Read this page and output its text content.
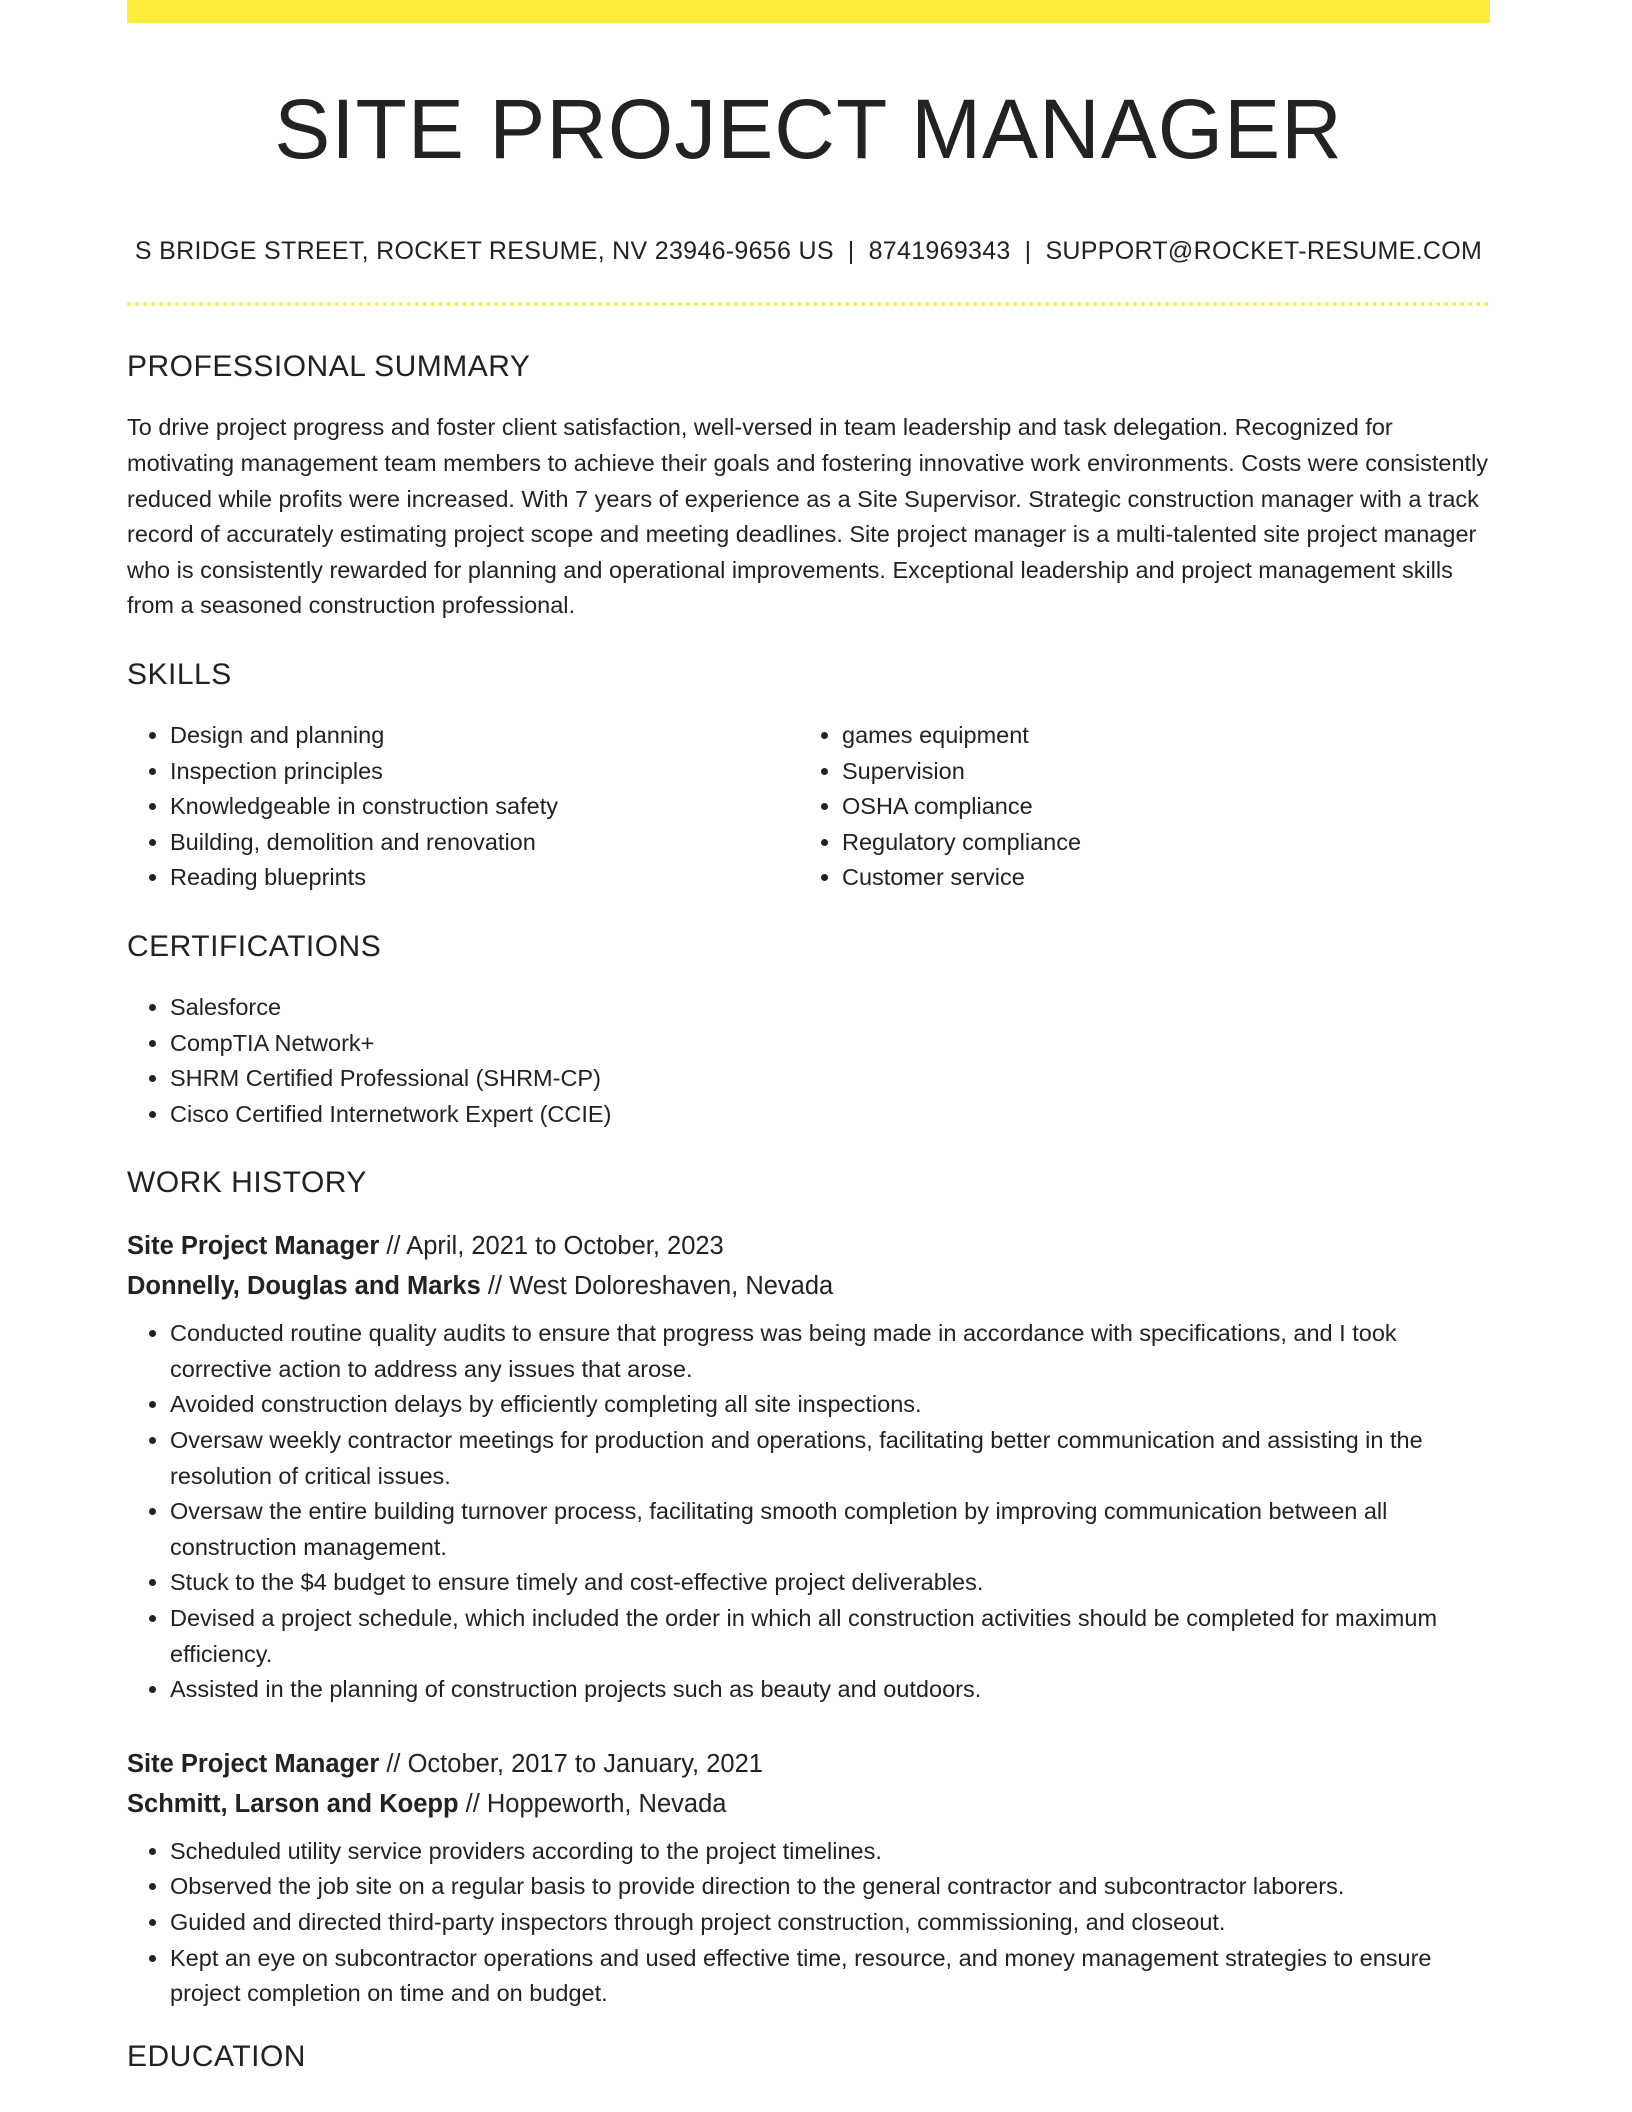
SITE PROJECT MANAGER
S BRIDGE STREET, ROCKET RESUME, NV 23946-9656 US | 8741969343 | SUPPORT@ROCKET-RESUME.COM
PROFESSIONAL SUMMARY
To drive project progress and foster client satisfaction, well-versed in team leadership and task delegation. Recognized for motivating management team members to achieve their goals and fostering innovative work environments. Costs were consistently reduced while profits were increased. With 7 years of experience as a Site Supervisor. Strategic construction manager with a track record of accurately estimating project scope and meeting deadlines. Site project manager is a multi-talented site project manager who is consistently rewarded for planning and operational improvements. Exceptional leadership and project management skills from a seasoned construction professional.
SKILLS
• Design and planning
• Inspection principles
• Knowledgeable in construction safety
• Building, demolition and renovation
• Reading blueprints
• games equipment
• Supervision
• OSHA compliance
• Regulatory compliance
• Customer service
CERTIFICATIONS
• Salesforce
• CompTIA Network+
• SHRM Certified Professional (SHRM-CP)
• Cisco Certified Internetwork Expert (CCIE)
WORK HISTORY
Site Project Manager // April, 2021 to October, 2023
Donnelly, Douglas and Marks // West Doloreshaven, Nevada
• Conducted routine quality audits to ensure that progress was being made in accordance with specifications, and I took corrective action to address any issues that arose.
• Avoided construction delays by efficiently completing all site inspections.
• Oversaw weekly contractor meetings for production and operations, facilitating better communication and assisting in the resolution of critical issues.
• Oversaw the entire building turnover process, facilitating smooth completion by improving communication between all construction management.
• Stuck to the $4 budget to ensure timely and cost-effective project deliverables.
• Devised a project schedule, which included the order in which all construction activities should be completed for maximum efficiency.
• Assisted in the planning of construction projects such as beauty and outdoors.
Site Project Manager // October, 2017 to January, 2021
Schmitt, Larson and Koepp // Hoppeworth, Nevada
• Scheduled utility service providers according to the project timelines.
• Observed the job site on a regular basis to provide direction to the general contractor and subcontractor laborers.
• Guided and directed third-party inspectors through project construction, commissioning, and closeout.
• Kept an eye on subcontractor operations and used effective time, resource, and money management strategies to ensure project completion on time and on budget.
EDUCATION
